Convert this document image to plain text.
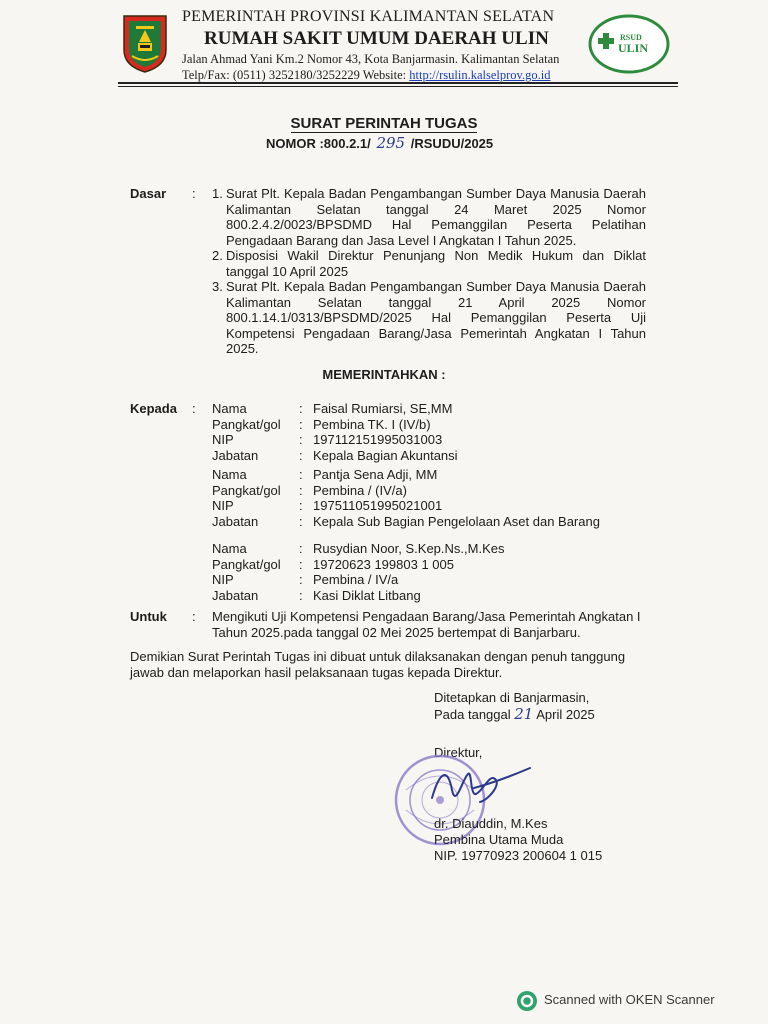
PEMERINTAH PROVINSI KALIMANTAN SELATAN
RUMAH SAKIT UMUM DAERAH ULIN
Jalan Ahmad Yani Km.2 Nomor 43, Kota Banjarmasin. Kalimantan Selatan
Telp/Fax: (0511) 3252180/3252229 Website: http://rsulin.kalselprov.go.id
RSUD
ULIN
SURAT PERINTAH TUGAS
NOMOR :800.2.1/ 295 /RSUDU/2025
Dasar : 1. Surat Plt. Kepala Badan Pengambangan Sumber Daya Manusia Daerah Kalimantan Selatan tanggal 24 Maret 2025 Nomor 800.2.4.2/0023/BPSDMD Hal Pemanggilan Peserta Pelatihan Pengadaan Barang dan Jasa Level I Angkatan I Tahun 2025.
2. Disposisi Wakil Direktur Penunjang Non Medik Hukum dan Diklat tanggal 10 April 2025
3. Surat Plt. Kepala Badan Pengambangan Sumber Daya Manusia Daerah Kalimantan Selatan tanggal 21 April 2025 Nomor 800.1.14.1/0313/BPSDMD/2025 Hal Pemanggilan Peserta Uji Kompetensi Pengadaan Barang/Jasa Pemerintah Angkatan I Tahun 2025.
MEMERINTAHKAN :
Kepada : Nama	: Faisal Rumiarsi, SE,MM
Pangkat/gol : Pembina TK. I (IV/b)
NIP	: 197112151995031003
Jabatan	: Kepala Bagian Akuntansi
Nama	: Pantja Sena Adji, MM
Pangkat/gol : Pembina / (IV/a)
NIP	: 197511051995021001
Jabatan	: Kepala Sub Bagian Pengelolaan Aset dan Barang
Nama	: Rusydian Noor, S.Kep.Ns.,M.Kes
Pangkat/gol : 19720623 199803 1 005
NIP	: Pembina / IV/a
Jabatan	: Kasi Diklat Litbang
Untuk : Mengikuti Uji Kompetensi Pengadaan Barang/Jasa Pemerintah Angkatan I Tahun 2025.pada tanggal 02 Mei 2025 bertempat di Banjarbaru.
Demikian Surat Perintah Tugas ini dibuat untuk dilaksanakan dengan penuh tanggung jawab dan melaporkan hasil pelaksanaan tugas kepada Direktur.
Ditetapkan di Banjarmasin,
Pada tanggal 21 April 2025
Direktur,
dr. Diauddin, M.Kes
Pembina Utama Muda
NIP. 19770923 200604 1 015
Scanned with OKEN Scanner
